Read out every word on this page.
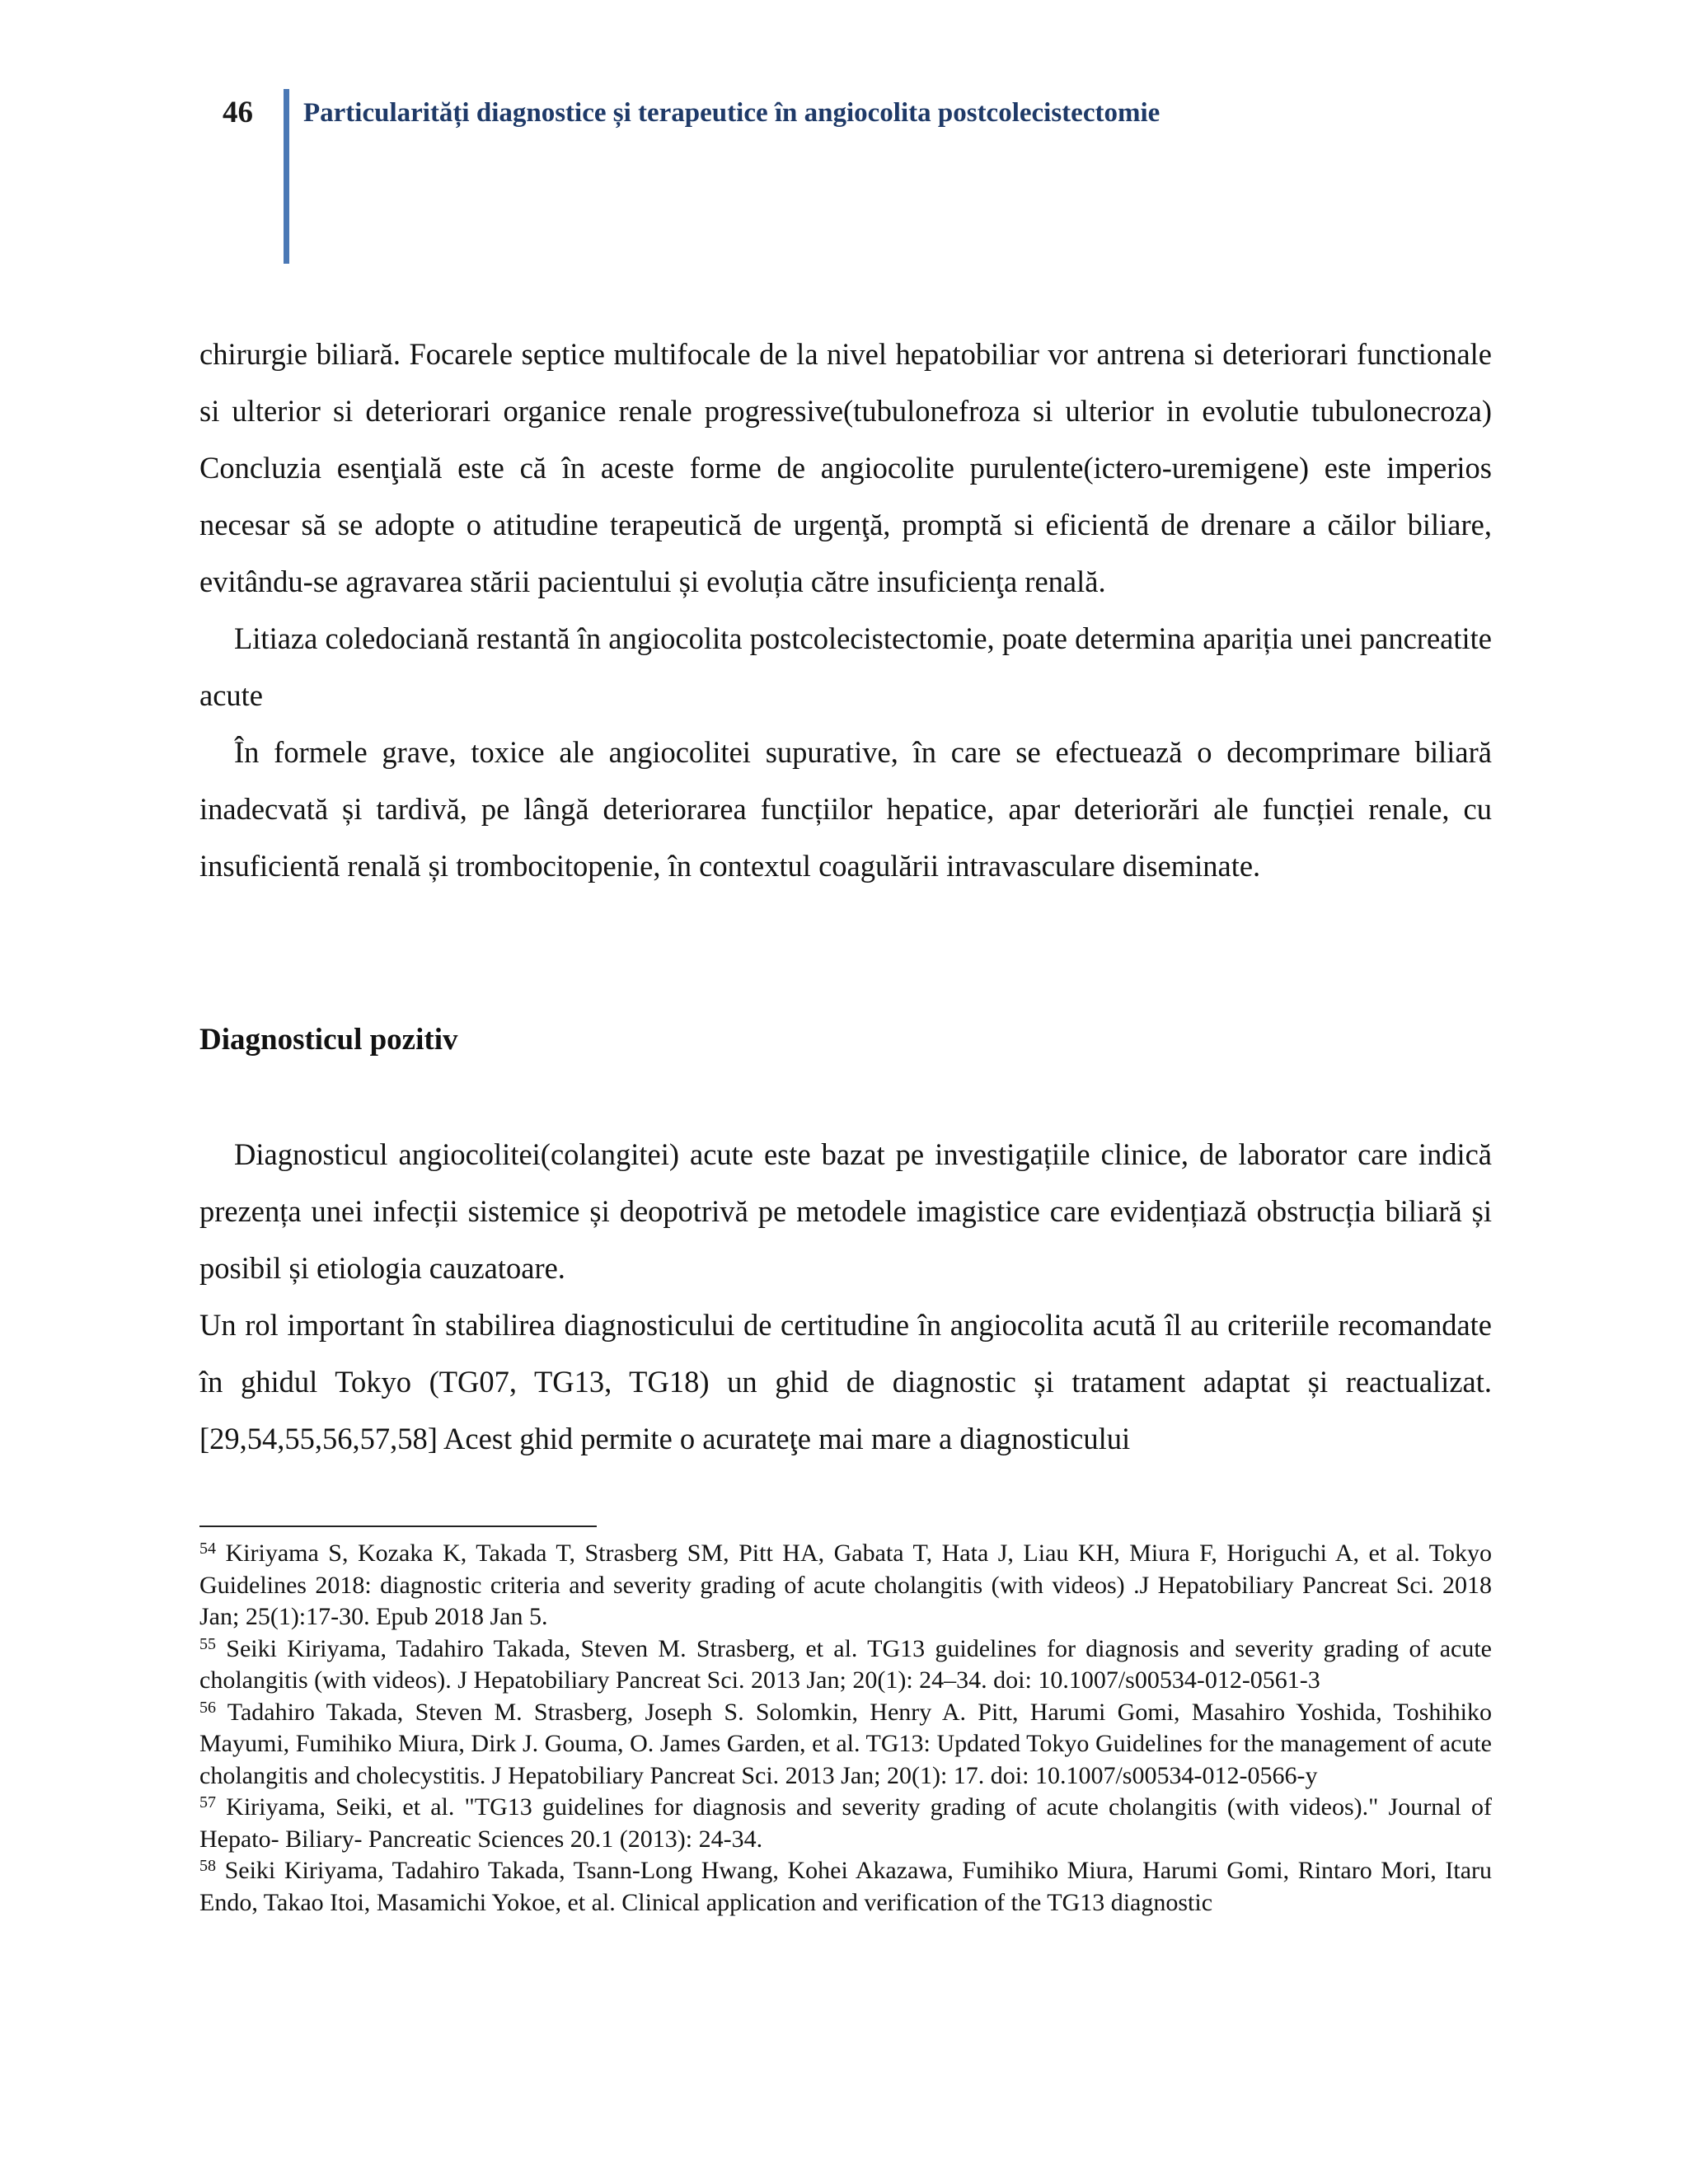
46 Particularități diagnostice și terapeutice în angiocolita postcolecistectomie

chirurgie biliară. Focarele septice multifocale de la nivel hepatobiliar vor antrena si deteriorari functionale si ulterior si deteriorari organice renale progressive(tubulonefroza si ulterior in evolutie tubulonecroza) Concluzia esenţială este că în aceste forme de angiocolite purulente(ictero-uremigene) este imperios necesar să se adopte o atitudine terapeutică de urgenţă, promptă si eficientă de drenare a căilor biliare, evitându-se agravarea stării pacientului și evoluția către insuficienţa renală.

Litiaza coledociană restantă în angiocolita postcolecistectomie, poate determina apariția unei pancreatite acute

În formele grave, toxice ale angiocolitei supurative, în care se efectuează o decomprimare biliară inadecvată și tardivă, pe lângă deteriorarea funcțiilor hepatice, apar deteriorări ale funcției renale, cu insuficientă renală și trombocitopenie, în contextul coagulării intravasculare diseminate.

Diagnosticul pozitiv

Diagnosticul angiocolitei(colangitei) acute este bazat pe investigațiile clinice, de laborator care indică prezența unei infecții sistemice și deopotrivă pe metodele imagistice care evidențiază obstrucția biliară și posibil și etiologia cauzatoare.

Un rol important în stabilirea diagnosticului de certitudine în angiocolita acută îl au criteriile recomandate în ghidul Tokyo (TG07, TG13, TG18) un ghid de diagnostic și tratament adaptat și reactualizat.[29,54,55,56,57,58] Acest ghid permite o acurateţe mai mare a diagnosticului

$^{54}$ Kiriyama S, Kozaka K, Takada T, Strasberg SM, Pitt HA, Gabata T, Hata J, Liau KH, Miura F, Horiguchi A, et al. Tokyo Guidelines 2018: diagnostic criteria and severity grading of acute cholangitis (with videos) .J Hepatobiliary Pancreat Sci. 2018 Jan; 25(1):17-30. Epub 2018 Jan 5.

$^{55}$ Seiki Kiriyama, Tadahiro Takada, Steven M. Strasberg, et al. TG13 guidelines for diagnosis and severity grading of acute cholangitis (with videos). J Hepatobiliary Pancreat Sci. 2013 Jan; 20(1): 24–34. doi: 10.1007/s00534-012-0561-3

$^{56}$ Tadahiro Takada, Steven M. Strasberg, Joseph S. Solomkin, Henry A. Pitt, Harumi Gomi, Masahiro Yoshida, Toshihiko Mayumi, Fumihiko Miura, Dirk J. Gouma, O. James Garden, et al. TG13: Updated Tokyo Guidelines for the management of acute cholangitis and cholecystitis. J Hepatobiliary Pancreat Sci. 2013 Jan; 20(1): 17. doi: 10.1007/s00534-012-0566-y

$^{57}$ Kiriyama, Seiki, et al. "TG13 guidelines for diagnosis and severity grading of acute cholangitis (with videos)." Journal of Hepato- Biliary- Pancreatic Sciences 20.1 (2013): 24-34.

$^{58}$ Seiki Kiriyama, Tadahiro Takada, Tsann-Long Hwang, Kohei Akazawa, Fumihiko Miura, Harumi Gomi, Rintaro Mori, Itaru Endo, Takao Itoi, Masamichi Yokoe, et al. Clinical application and verification of the TG13 diagnostic
